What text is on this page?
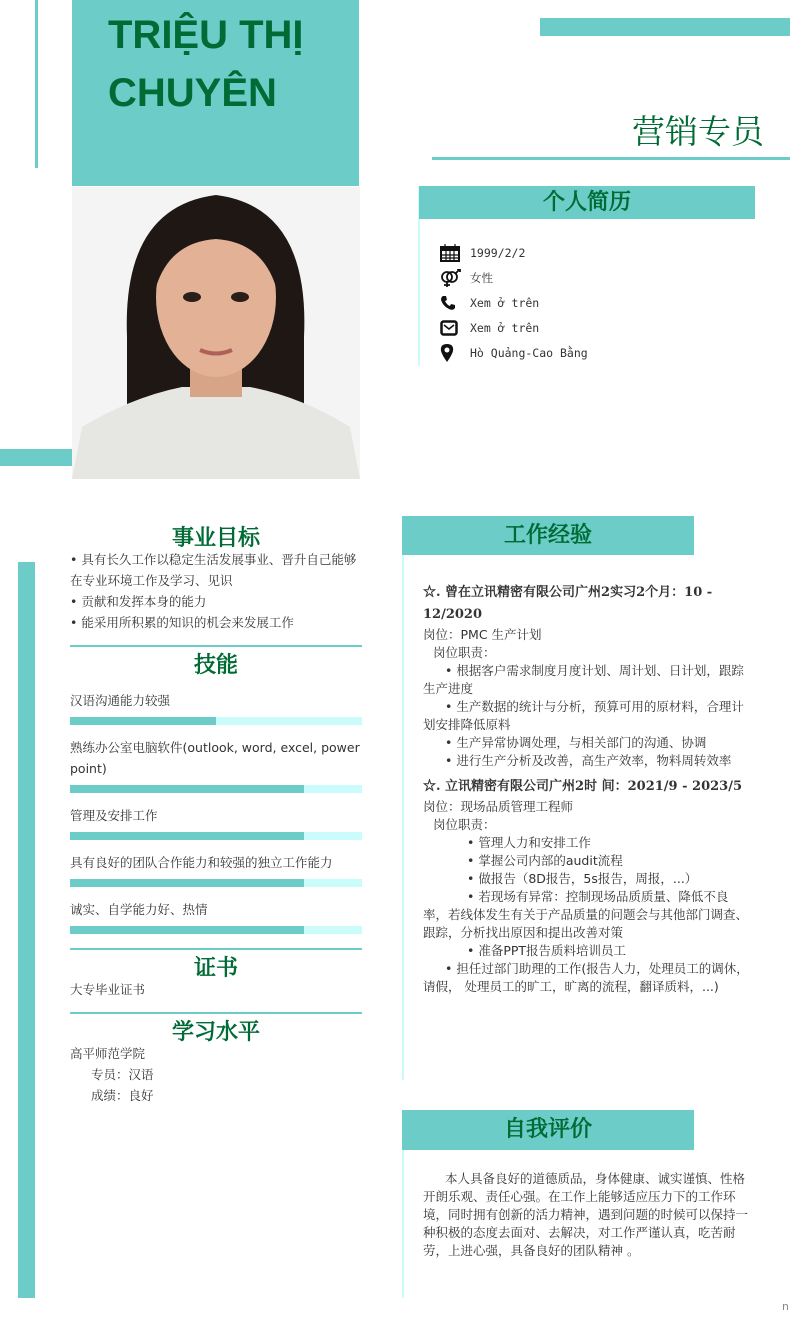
TRIỆU THỊ
CHUYÊN
营销专员
个人简历
1999/2/2
女性
Xem ở trên
Xem ở trên
Hò Quảng-Cao Bằng
事业目标
• 具有长久工作以稳定生活发展事业、晋升自己能够在专业环境工作及学习、见识
• 贡献和发挥本身的能力
• 能采用所积累的知识的机会来发展工作
技能
汉语沟通能力较强
熟练办公室电脑软件(outlook, word, excel, power point)
管理及安排工作
具有良好的团队合作能力和较强的独立工作能力
诚实、自学能力好、热情
证书
大专毕业证书
学习水平
高平师范学院
专员：汉语
成绩：良好
工作经验
☆. 曾在立讯精密有限公司广州2实习2个月：10 - 12/2020
岗位：PMC 生产计划
岗位职责：
• 根据客户需求制度月度计划、周计划、日计划，跟踪生产进度
• 生产数据的统计与分析，预算可用的原材料，合理计划安排降低原料
• 生产异常协调处理，与相关部门的沟通、协调
• 进行生产分析及改善，高生产效率，物料周转效率
☆. 立讯精密有限公司广州2时 间：2021/9 - 2023/5
岗位：现场品质管理工程师
岗位职责：
• 管理人力和安排工作
• 掌握公司内部的audit流程
• 做报告（8D报告，5s报告，周报，...）
• 若现场有异常：控制现场品质质量、降低不良率，若线体发生有关于产品质量的问题会与其他部门调查、跟踪，分析找出原因和提出改善对策
• 准备PPT报告质料培训员工
• 担任过部门助理的工作(报告人力，处理员工的调休，请假， 处理员工的旷工，旷离的流程，翻译质料，...)
自我评价
本人具备良好的道德质品，身体健康、诚实谨慎、性格开朗乐观、责任心强。在工作上能够适应压力下的工作环境，同时拥有创新的活力精神，遇到问题的时候可以保持一种积极的态度去面对、去解决，对工作严谨认真，吃苦耐劳，上进心强，具备良好的团队精神 。
n
